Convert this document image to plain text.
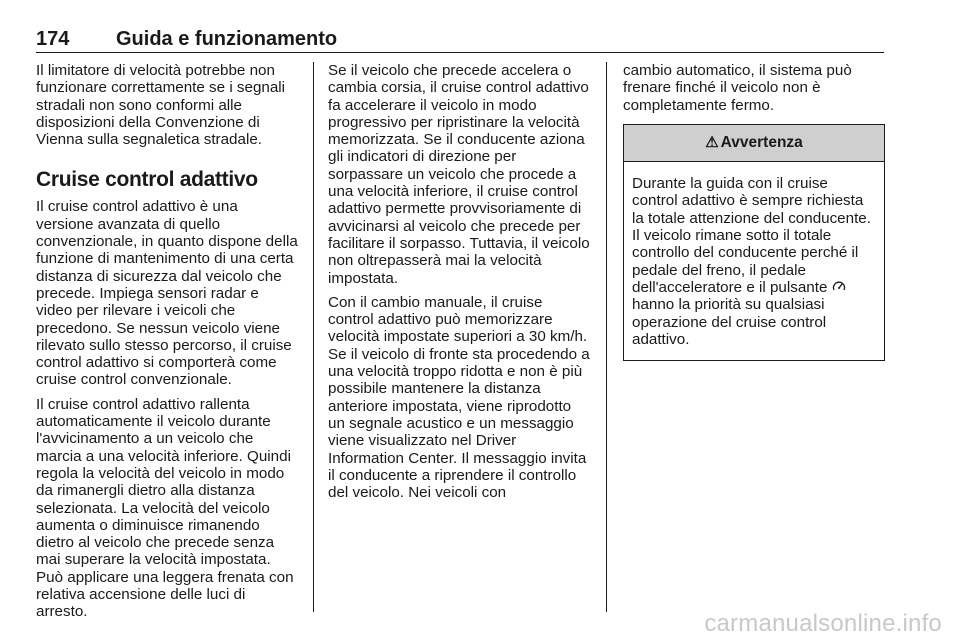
174 Guida e funzionamento

Il limitatore di velocità potrebbe non funzionare correttamente se i segnali stradali non sono conformi alle disposizioni della Convenzione di Vienna sulla segnaletica stradale.

Cruise control adattivo

Il cruise control adattivo è una versione avanzata di quello convenzionale, in quanto dispone della funzione di mantenimento di una certa distanza di sicurezza dal veicolo che precede. Impiega sensori radar e video per rilevare i veicoli che precedono. Se nessun veicolo viene rilevato sullo stesso percorso, il cruise control adattivo si comporterà come cruise control convenzionale.

Il cruise control adattivo rallenta automaticamente il veicolo durante l'avvicinamento a un veicolo che marcia a una velocità inferiore. Quindi regola la velocità del veicolo in modo da rimanergli dietro alla distanza selezionata. La velocità del veicolo aumenta o diminuisce rimanendo dietro al veicolo che precede senza mai superare la velocità impostata. Può applicare una leggera frenata con relativa accensione delle luci di arresto.

Se il veicolo che precede accelera o cambia corsia, il cruise control adattivo fa accelerare il veicolo in modo progressivo per ripristinare la velocità memorizzata. Se il conducente aziona gli indicatori di direzione per sorpassare un veicolo che procede a una velocità inferiore, il cruise control adattivo permette provvisoriamente di avvicinarsi al veicolo che precede per facilitare il sorpasso. Tuttavia, il veicolo non oltrepasserà mai la velocità impostata.

Con il cambio manuale, il cruise control adattivo può memorizzare velocità impostate superiori a 30 km/h. Se il veicolo di fronte sta procedendo a una velocità troppo ridotta e non è più possibile mantenere la distanza anteriore impostata, viene riprodotto un segnale acustico e un messaggio viene visualizzato nel Driver Information Center. Il messaggio invita il conducente a riprendere il controllo del veicolo. Nei veicoli con

cambio automatico, il sistema può frenare finché il veicolo non è completamente fermo.

⚠ Avvertenza
Durante la guida con il cruise control adattivo è sempre richiesta la totale attenzione del conducente. Il veicolo rimane sotto il totale controllo del conducente perché il pedale del freno, il pedale dell'acceleratore e il pulsante  hanno la priorità su qualsiasi operazione del cruise control adattivo.
carmanualsonline.info
